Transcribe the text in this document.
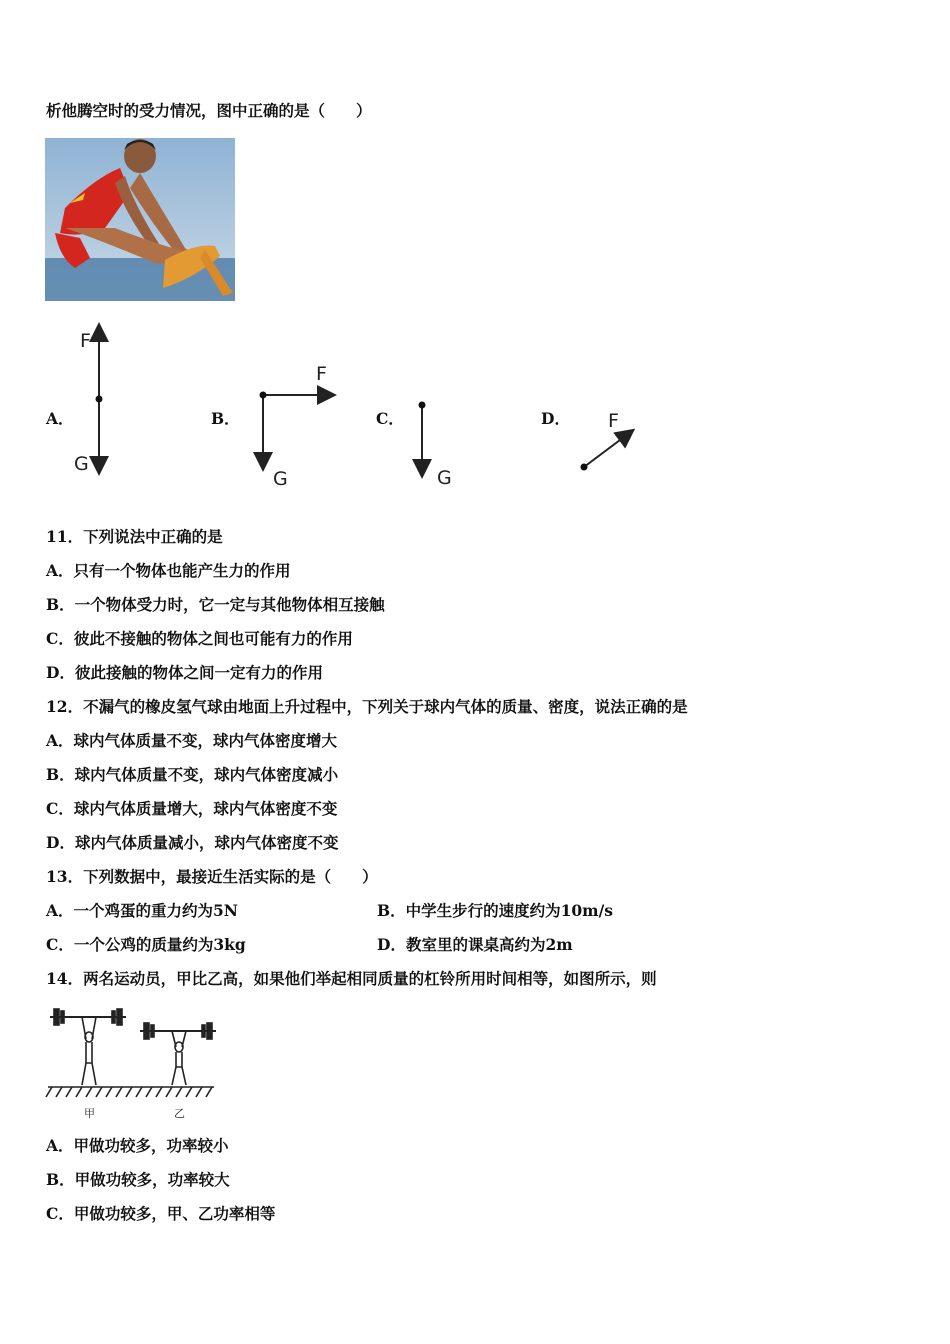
析他腾空时的受力情况，图中正确的是（　　）
A．	B．	C．	D．
F
G
F
G	G
F
11．下列说法中正确的是
A．只有一个物体也能产生力的作用
B．一个物体受力时，它一定与其他物体相互接触
C．彼此不接触的物体之间也可能有力的作用
D．彼此接触的物体之间一定有力的作用
12．不漏气的橡皮氢气球由地面上升过程中，下列关于球内气体的质量、密度，说法正确的是
A．球内气体质量不变，球内气体密度增大
B．球内气体质量不变，球内气体密度减小
C．球内气体质量增大，球内气体密度不变
D．球内气体质量减小，球内气体密度不变
13．下列数据中，最接近生活实际的是（　　）
A．一个鸡蛋的重力约为5N	B．中学生步行的速度约为10m/s
C．一个公鸡的质量约为3kg	D．教室里的课桌高约为2m
14．两名运动员，甲比乙高，如果他们举起相同质量的杠铃所用时间相等，如图所示，则
甲	乙
A．甲做功较多，功率较小
B．甲做功较多，功率较大
C．甲做功较多，甲、乙功率相等
